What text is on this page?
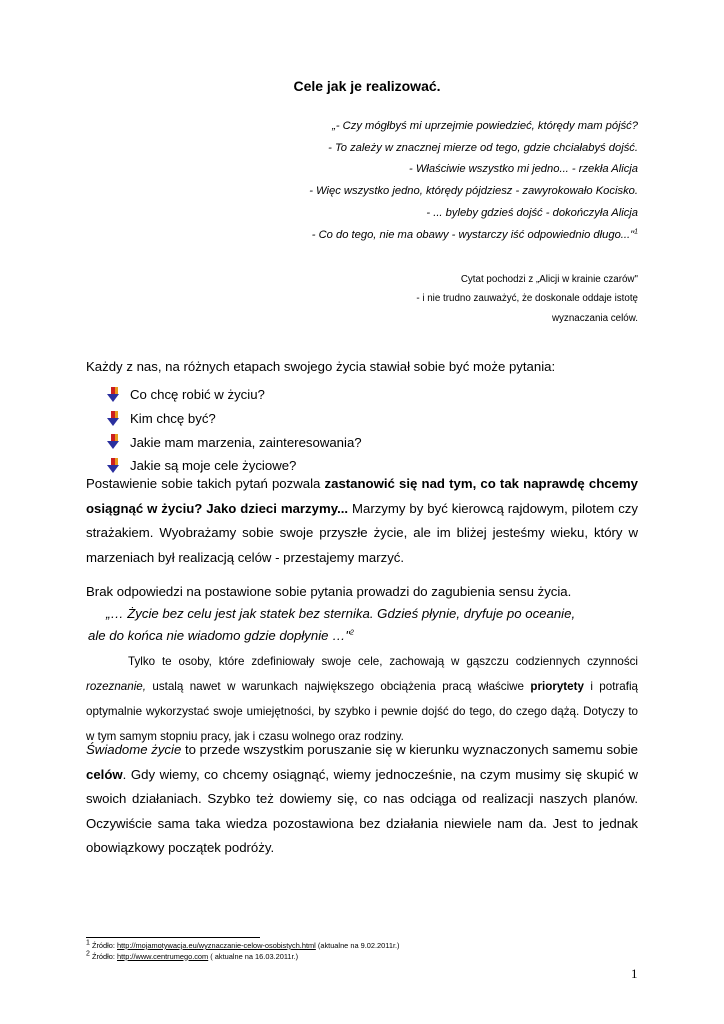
Cele jak je realizować.
„- Czy mógłbyś mi uprzejmie powiedzieć, którędy mam pójść?
- To zależy w znacznej mierze od tego, gdzie chciałabyś dojść.
- Właściwie wszystko mi jedno... - rzekła Alicja
- Więc wszystko jedno, którędy pójdziesz - zawyrokowało Kocisko.
- ... byleby gdzieś dojść - dokończyła Alicja
- Co do tego, nie ma obawy - wystarczy iść odpowiednio długo..."$^1$
Cytat pochodzi z „Alicji w krainie czarów"
- i nie trudno zauważyć, że doskonale oddaje istotę
wyznaczania celów.
Każdy z nas, na różnych etapach swojego życia stawiał sobie być może pytania:
Co chcę robić w życiu?
Kim chcę być?
Jakie mam marzenia, zainteresowania?
Jakie są moje cele życiowe?
Postawienie sobie takich pytań pozwala zastanowić się nad tym, co tak naprawdę chcemy osiągnąć w życiu? Jako dzieci marzymy... Marzymy by być kierowcą rajdowym, pilotem czy strażakiem. Wyobrażamy sobie swoje przyszłe życie, ale im bliżej jesteśmy wieku, który w marzeniach był realizacją celów - przestajemy marzyć.
Brak odpowiedzi na postawione sobie pytania prowadzi do zagubienia sensu życia.
„… Życie bez celu jest jak statek bez sternika. Gdzieś płynie, dryfuje po oceanie,
ale do końca nie wiadomo gdzie dopłynie …"$^2$
Tylko te osoby, które zdefiniowały swoje cele, zachowają w gąszczu codziennych czynności rozeznanie, ustalą nawet w warunkach największego obciążenia pracą właściwe priorytety i potrafią optymalnie wykorzystać swoje umiejętności, by szybko i pewnie dojść do tego, do czego dążą. Dotyczy to w tym samym stopniu pracy, jak i czasu wolnego oraz rodziny.
Świadome życie to przede wszystkim poruszanie się w kierunku wyznaczonych samemu sobie celów. Gdy wiemy, co chcemy osiągnąć, wiemy jednocześnie, na czym musimy się skupić w swoich działaniach. Szybko też dowiemy się, co nas odciąga od realizacji naszych planów. Oczywiście sama taka wiedza pozostawiona bez działania niewiele nam da. Jest to jednak obowiązkowy początek podróży.
$^1$ Źródło: http://mojamotywacja.eu/wyznaczanie-celow-osobistych.html (aktualne na 9.02.2011r.)
$^2$ Źródło: http://www.centrumego.com ( aktualne na 16.03.2011r.)
1
